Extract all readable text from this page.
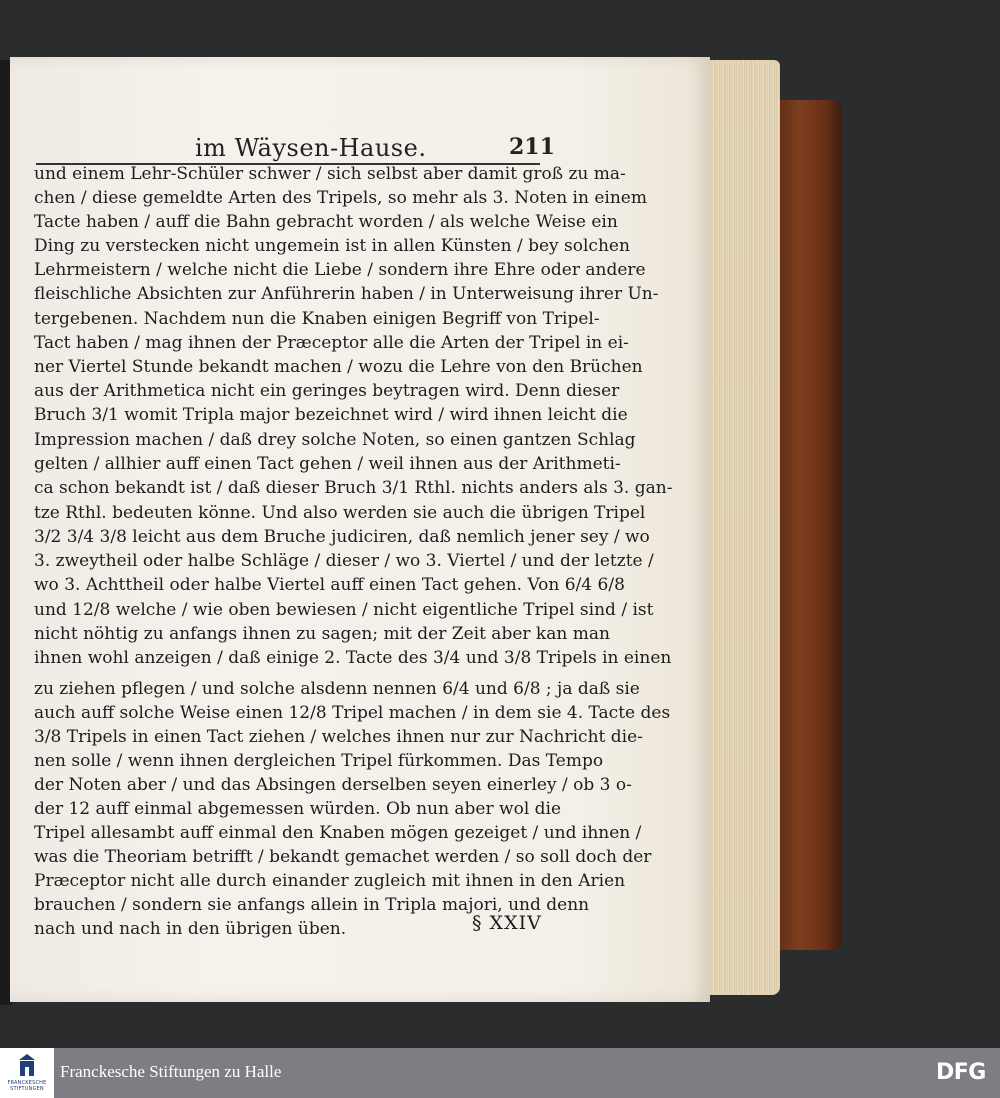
im Wäysen-Hause.	211
und einem Lehr-Schüler schwer / sich selbst aber damit groß zu ma-
chen / diese gemeldte Arten des Tripels, so mehr als 3. Noten in einem
Tacte haben / auff die Bahn gebracht worden / als welche Weise ein
Ding zu verstecken nicht ungemein ist in allen Künsten / bey solchen
Lehrmeistern / welche nicht die Liebe / sondern ihre Ehre oder andere
fleischliche Absichten zur Anführerin haben / in Unterweisung ihrer Un-
tergebenen. Nachdem nun die Knaben einigen Begriff von Tripel-
Tact haben / mag ihnen der Præceptor alle die Arten der Tripel in ei-
ner Viertel Stunde bekandt machen / wozu die Lehre von den Brüchen
aus der Arithmetica nicht ein geringes beytragen wird. Denn dieser
Bruch 3/1 womit Tripla major bezeichnet wird / wird ihnen leicht die
Impression machen / daß drey solche Noten, so einen gantzen Schlag
gelten / allhier auff einen Tact gehen / weil ihnen aus der Arithmeti-
ca schon bekandt ist / daß dieser Bruch 3/1 Rthl. nichts anders als 3. gan-
tze Rthl. bedeuten könne. Und also werden sie auch die übrigen Tripel
3/2 3/4 3/8 leicht aus dem Bruche judiciren, daß nemlich jener sey / wo
3. zweytheil oder halbe Schläge / dieser / wo 3. Viertel / und der letzte /
wo 3. Achttheil oder halbe Viertel auff einen Tact gehen. Von 6/4 6/8
und 12/8 welche / wie oben bewiesen / nicht eigentliche Tripel sind / ist
nicht nöhtig zu anfangs ihnen zu sagen; mit der Zeit aber kan man
ihnen wohl anzeigen / daß einige 2. Tacte des 3/4 und 3/8 Tripels in einen
zu ziehen pflegen / und solche alsdenn nennen 6/4 und 6/8 ; ja daß sie
auch auff solche Weise einen 12/8 Tripel machen / in dem sie 4. Tacte des
3/8 Tripels in einen Tact ziehen / welches ihnen nur zur Nachricht die-
nen solle / wenn ihnen dergleichen Tripel fürkommen. Das Tempo
der Noten aber / und das Absingen derselben seyen einerley / ob 3 o-
der 12 auff einmal abgemessen würden. Ob nun aber wol die
Tripel allesambt auff einmal den Knaben mögen gezeiget / und ihnen /
was die Theoriam betrifft / bekandt gemachet werden / so soll doch der
Præceptor nicht alle durch einander zugleich mit ihnen in den Arien
brauchen / sondern sie anfangs allein in Tripla majori, und denn
nach und nach in den übrigen üben.	§ XXIV
FRANCKESCHE STIFTUNGEN
Franckesche Stiftungen zu Halle	DFG
